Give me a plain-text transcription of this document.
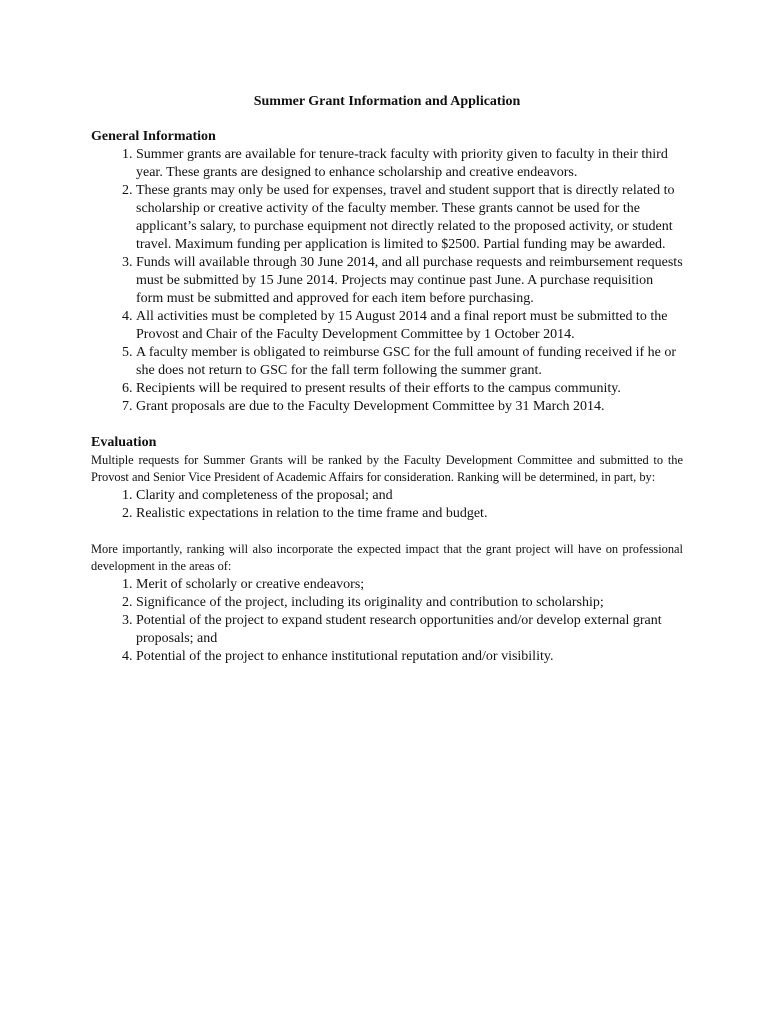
Summer Grant Information and Application
General Information
1. Summer grants are available for tenure-track faculty with priority given to faculty in their third year. These grants are designed to enhance scholarship and creative endeavors.
2. These grants may only be used for expenses, travel and student support that is directly related to scholarship or creative activity of the faculty member. These grants cannot be used for the applicant’s salary, to purchase equipment not directly related to the proposed activity, or student travel. Maximum funding per application is limited to $2500. Partial funding may be awarded.
3. Funds will available through 30 June 2014, and all purchase requests and reimbursement requests must be submitted by 15 June 2014. Projects may continue past June. A purchase requisition form must be submitted and approved for each item before purchasing.
4. All activities must be completed by 15 August 2014 and a final report must be submitted to the Provost and Chair of the Faculty Development Committee by 1 October 2014.
5. A faculty member is obligated to reimburse GSC for the full amount of funding received if he or she does not return to GSC for the fall term following the summer grant.
6. Recipients will be required to present results of their efforts to the campus community.
7. Grant proposals are due to the Faculty Development Committee by 31 March 2014.
Evaluation

Multiple requests for Summer Grants will be ranked by the Faculty Development Committee and submitted to the Provost and Senior Vice President of Academic Affairs for consideration. Ranking will be determined, in part, by:

1. Clarity and completeness of the proposal; and
2. Realistic expectations in relation to the time frame and budget.

More importantly, ranking will also incorporate the expected impact that the grant project will have on professional development in the areas of:

1. Merit of scholarly or creative endeavors;
2. Significance of the project, including its originality and contribution to scholarship;
3. Potential of the project to expand student research opportunities and/or develop external grant proposals; and
4. Potential of the project to enhance institutional reputation and/or visibility.
